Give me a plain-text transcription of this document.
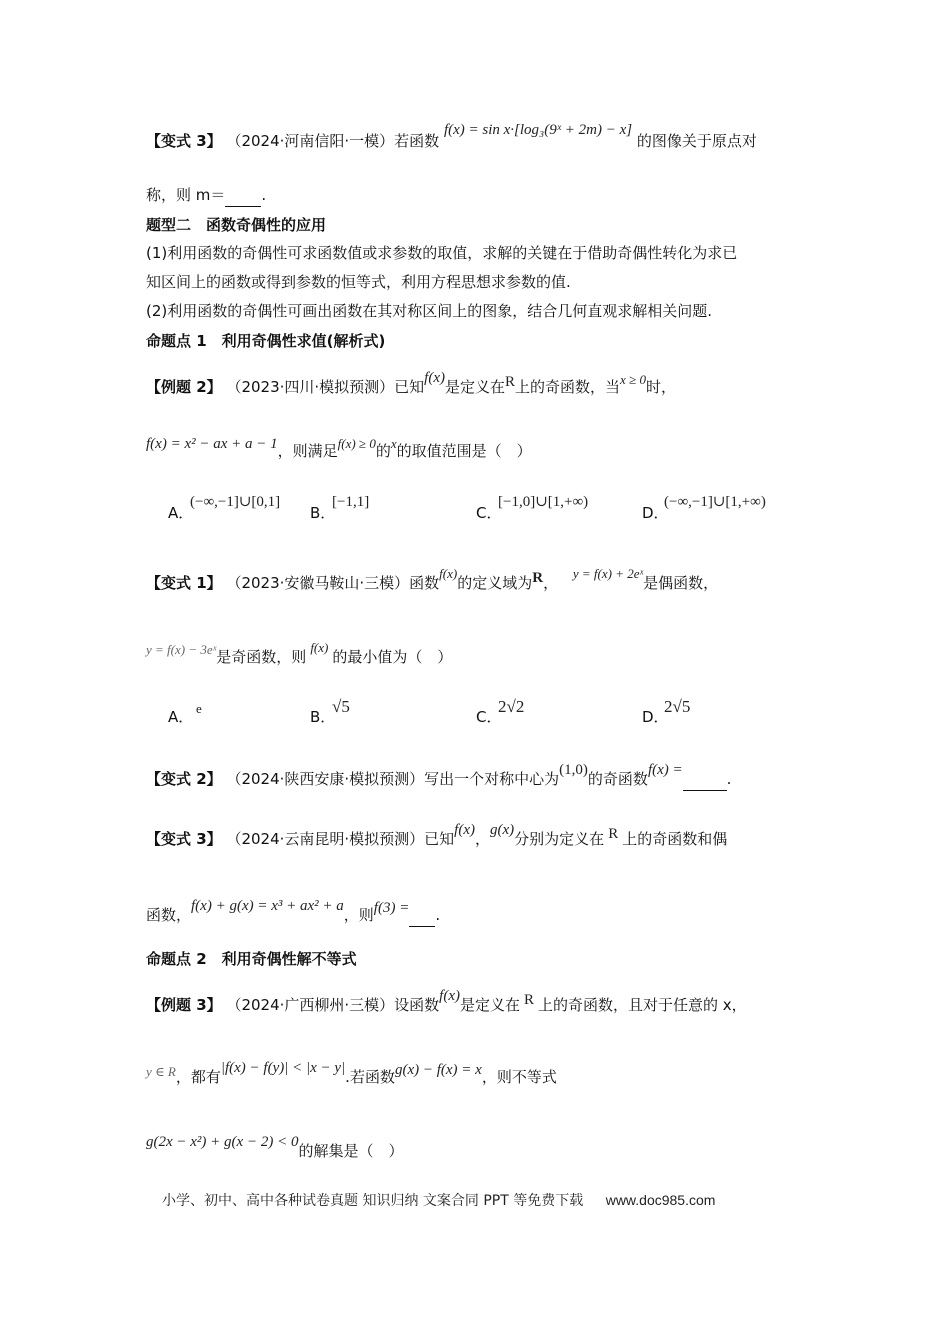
【变式 3】 （2024·河南信阳·一模）若函数 f(x) = sin x·[log₃(9ˣ + 2m) − x] 的图像关于原点对
称，则 m＝ .
题型二　函数奇偶性的应用
(1)利用函数的奇偶性可求函数值或求参数的取值，求解的关键在于借助奇偶性转化为求已
知区间上的函数或得到参数的恒等式，利用方程思想求参数的值.
(2)利用函数的奇偶性可画出函数在其对称区间上的图象，结合几何直观求解相关问题.
命题点 1　利用奇偶性求值(解析式)
【例题 2】 （2023·四川·模拟预测）已知f(x)是定义在R上的奇函数，当x ≥ 0时，
f(x) = x² − ax + a − 1，则满足f(x) ≥ 0的x的取值范围是（　）
A．(−∞,−1]∪[0,1]
B．[−1,1]
C．[−1,0]∪[1,+∞)
D．(−∞,−1]∪[1,+∞)
【变式 1】 （2023·安徽马鞍山·三模）函数f(x)的定义域为R， y = f(x) + 2eˣ是偶函数，
y = f(x) − 3eˣ是奇函数，则f(x)的最小值为（　）
A． e	B．√5
C．2√2
D．2√5
【变式 2】 （2024·陕西安康·模拟预测）写出一个对称中心为(1,0)的奇函数f(x) =	.
【变式 3】 （2024·云南昆明·模拟预测）已知f(x)，g(x)分别为定义在 R 上的奇函数和偶
函数，f(x) + g(x) = x³ + ax² + a，则f(3) = .
命题点 2　利用奇偶性解不等式
【例题 3】 （2024·广西柳州·三模）设函数f(x)是定义在 R 上的奇函数，且对于任意的 x，
y ∈ R，都有|f(x) − f(y)| < |x − y|.若函数g(x) − f(x) = x，则不等式
g(2x − x²) + g(x − 2) < 0的解集是（　）
小学、初中、高中各种试卷真题 知识归纳 文案合同 PPT 等免费下载 www.doc985.com
